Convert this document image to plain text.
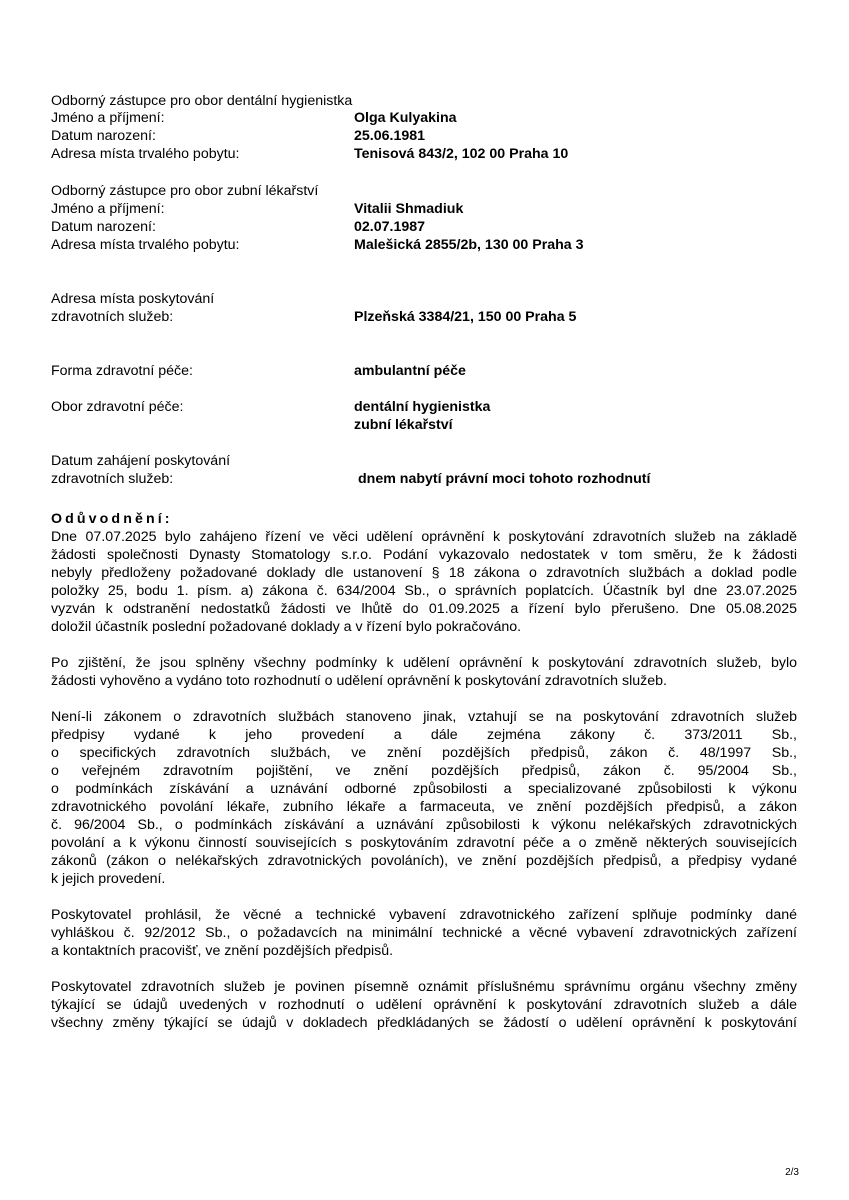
Odborný zástupce pro obor dentální hygienistka
Jméno a příjmení:	Olga Kulyakina
Datum narození:	25.06.1981
Adresa místa trvalého pobytu:	Tenisová 843/2, 102 00 Praha 10
Odborný zástupce pro obor zubní lékařství
Jméno a příjmení:	Vitalii Shmadiuk
Datum narození:	02.07.1987
Adresa místa trvalého pobytu:	Malešická 2855/2b, 130 00 Praha 3
Adresa místa poskytování
zdravotních služeb:	Plzeňská 3384/21, 150 00 Praha 5
Forma zdravotní péče:	ambulantní péče
Obor zdravotní péče:	dentální hygienistka
zubní lékařství
Datum zahájení poskytování
zdravotních služeb:	dnem nabytí právní moci tohoto rozhodnutí
Odůvodnění:
Dne 07.07.2025 bylo zahájeno řízení ve věci udělení oprávnění k poskytování zdravotních služeb na základě
žádosti společnosti Dynasty Stomatology s.r.o. Podání vykazovalo nedostatek v tom směru, že k žádosti
nebyly předloženy požadované doklady dle ustanovení § 18 zákona o zdravotních službách a doklad podle
položky 25, bodu 1. písm. a) zákona č. 634/2004 Sb., o správních poplatcích. Účastník byl dne 23.07.2025
vyzván k odstranění nedostatků žádosti ve lhůtě do 01.09.2025 a řízení bylo přerušeno. Dne 05.08.2025
doložil účastník poslední požadované doklady a v řízení bylo pokračováno.
Po zjištění, že jsou splněny všechny podmínky k udělení oprávnění k poskytování zdravotních služeb, bylo
žádosti vyhověno a vydáno toto rozhodnutí o udělení oprávnění k poskytování zdravotních služeb.
Není-li zákonem o zdravotních službách stanoveno jinak, vztahují se na poskytování zdravotních služeb
předpisy vydané k jeho provedení a dále zejména zákony č. 373/2011 Sb.,
o specifických zdravotních službách, ve znění pozdějších předpisů, zákon č. 48/1997 Sb.,
o veřejném zdravotním pojištění, ve znění pozdějších předpisů, zákon č. 95/2004 Sb.,
o podmínkách získávání a uznávání odborné způsobilosti a specializované způsobilosti k výkonu
zdravotnického povolání lékaře, zubního lékaře a farmaceuta, ve znění pozdějších předpisů, a zákon
č. 96/2004 Sb., o podmínkách získávání a uznávání způsobilosti k výkonu nelékařských zdravotnických
povolání a k výkonu činností souvisejících s poskytováním zdravotní péče a o změně některých souvisejících
zákonů (zákon o nelékařských zdravotnických povoláních), ve znění pozdějších předpisů, a předpisy vydané
k jejich provedení.
Poskytovatel prohlásil, že věcné a technické vybavení zdravotnického zařízení splňuje podmínky dané
vyhláškou č. 92/2012 Sb., o požadavcích na minimální technické a věcné vybavení zdravotnických zařízení
a kontaktních pracovišť, ve znění pozdějších předpisů.
Poskytovatel zdravotních služeb je povinen písemně oznámit příslušnému správnímu orgánu všechny změny
týkající se údajů uvedených v rozhodnutí o udělení oprávnění k poskytování zdravotních služeb a dále
všechny změny týkající se údajů v dokladech předkládaných se žádostí o udělení oprávnění k poskytování
2/3
